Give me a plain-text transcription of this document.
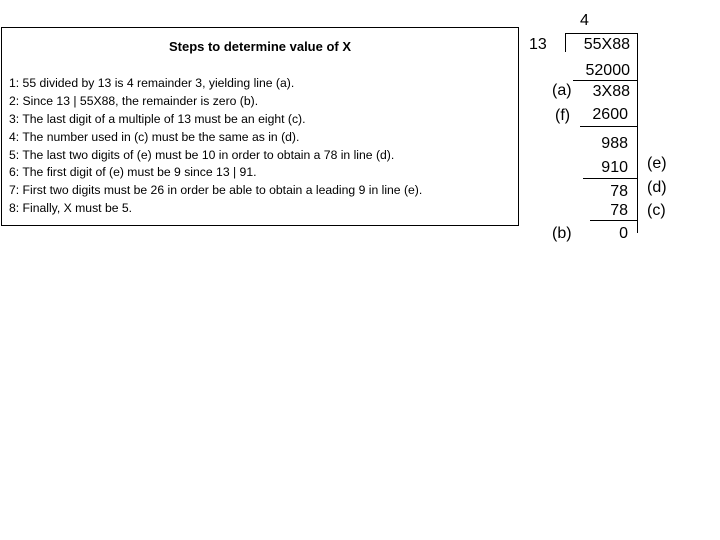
Steps to determine value of X
1: 55 divided by 13 is 4 remainder 3, yielding line (a).
2: Since 13 | 55X88, the remainder is zero (b).
3: The last digit of a multiple of 13 must be an eight (c).
4: The number used in (c) must be the same as in (d).
5: The last two digits of (e) must be 10 in order to obtain a 78 in line (d).
6: The first digit of (e) must be 9 since 13 | 91.
7: First two digits must be 26 in order be able to obtain a leading 9 in line (e).
8: Finally, X must be 5.
4
13 55X88
52000
(a) 3X88
(f) 2600
988
910 (e)
78 (d)
78 (c)
(b)	0
